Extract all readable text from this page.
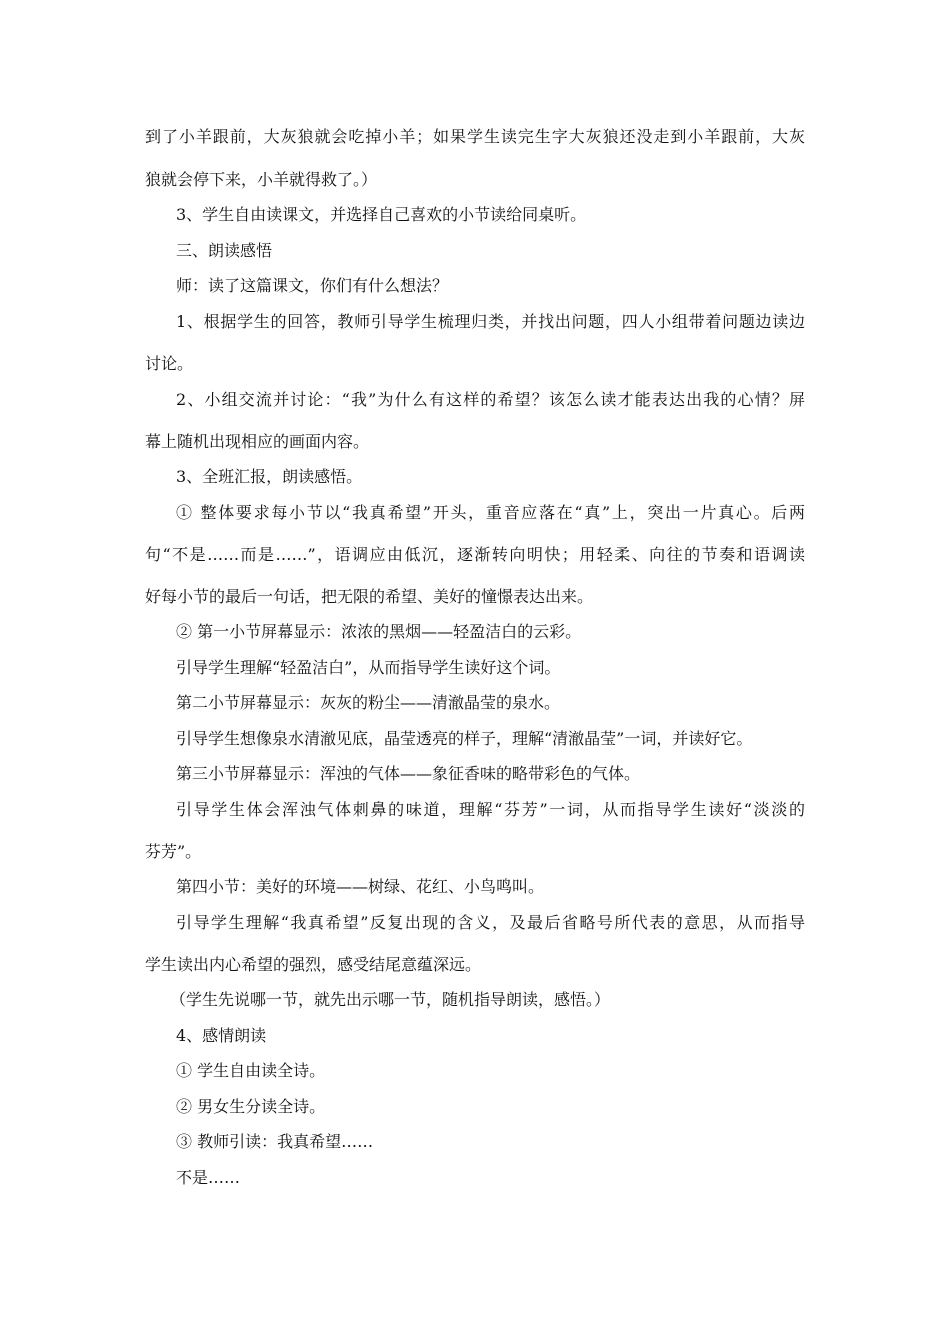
到了小羊跟前，大灰狼就会吃掉小羊；如果学生读完生字大灰狼还没走到小羊跟前，大灰
狼就会停下来，小羊就得救了。）
3、学生自由读课文，并选择自己喜欢的小节读给同桌听。
三、朗读感悟
师：读了这篇课文，你们有什么想法？
1、根据学生的回答，教师引导学生梳理归类，并找出问题，四人小组带着问题边读边
讨论。
2、小组交流并讨论：“我”为什么有这样的希望？该怎么读才能表达出我的心情？屏
幕上随机出现相应的画面内容。
3、全班汇报，朗读感悟。
① 整体要求每小节以“我真希望”开头，重音应落在“真”上，突出一片真心。后两
句“不是……而是……”，语调应由低沉，逐渐转向明快；用轻柔、向往的节奏和语调读
好每小节的最后一句话，把无限的希望、美好的憧憬表达出来。
② 第一小节屏幕显示：浓浓的黑烟——轻盈洁白的云彩。
引导学生理解“轻盈洁白”，从而指导学生读好这个词。
第二小节屏幕显示：灰灰的粉尘——清澈晶莹的泉水。
引导学生想像泉水清澈见底，晶莹透亮的样子，理解“清澈晶莹”一词，并读好它。
第三小节屏幕显示：浑浊的气体——象征香味的略带彩色的气体。
引导学生体会浑浊气体刺鼻的味道，理解“芬芳”一词，从而指导学生读好“淡淡的
芬芳”。
第四小节：美好的环境——树绿、花红、小鸟鸣叫。
引导学生理解“我真希望”反复出现的含义，及最后省略号所代表的意思，从而指导
学生读出内心希望的强烈，感受结尾意蕴深远。
（学生先说哪一节，就先出示哪一节，随机指导朗读，感悟。）
4、感情朗读
① 学生自由读全诗。
② 男女生分读全诗。
③ 教师引读：我真希望……
不是……
